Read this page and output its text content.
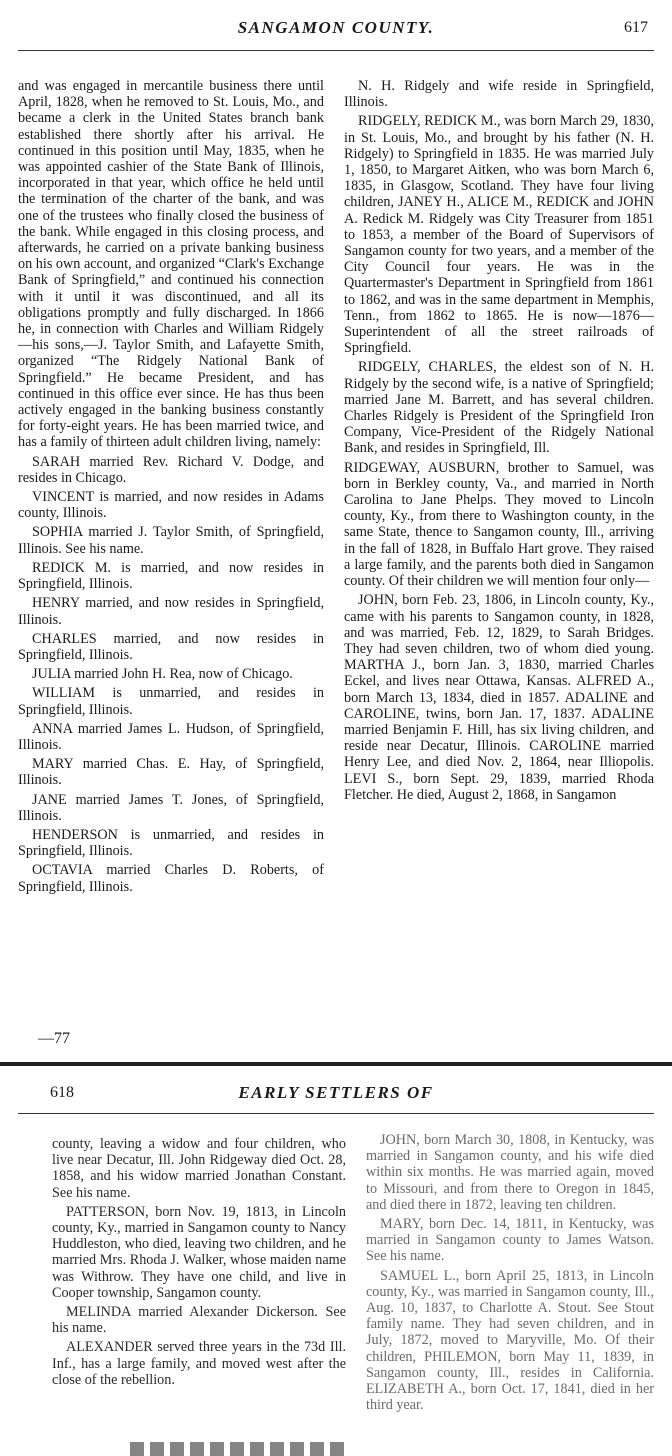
SANGAMON COUNTY.	617

and was engaged in mercantile business there until April, 1828, when he removed to St. Louis, Mo., and became a clerk in the United States branch bank established there shortly after his arrival. He continued in this position until May, 1835, when he was appointed cashier of the State Bank of Illinois, incorporated in that year, which office he held until the termination of the charter of the bank, and was one of the trustees who finally closed the business of the bank. While engaged in this closing process, and afterwards, he carried on a private banking business on his own account, and organized “Clark's Exchange Bank of Springfield,” and continued his connection with it until it was discontinued, and all its obligations promptly and fully discharged. In 1866 he, in connection with Charles and William Ridgely—his sons,—J. Taylor Smith, and Lafayette Smith, organized “The Ridgely National Bank of Springfield.” He became President, and has continued in this office ever since. He has thus been actively engaged in the banking business constantly for forty-eight years. He has been married twice, and has a family of thirteen adult children living, namely:

SARAH married Rev. Richard V. Dodge, and resides in Chicago.

VINCENT is married, and now resides in Adams county, Illinois.

SOPHIA married J. Taylor Smith, of Springfield, Illinois. See his name.

REDICK M. is married, and now resides in Springfield, Illinois.

HENRY married, and now resides in Springfield, Illinois.

CHARLES married, and now resides in Springfield, Illinois.

JULIA married John H. Rea, now of Chicago.

WILLIAM is unmarried, and resides in Springfield, Illinois.

ANNA married James L. Hudson, of Springfield, Illinois.

MARY married Chas. E. Hay, of Springfield, Illinois.

JANE married James T. Jones, of Springfield, Illinois.

HENDERSON is unmarried, and resides in Springfield, Illinois.

OCTAVIA married Charles D. Roberts, of Springfield, Illinois.

N. H. Ridgely and wife reside in Springfield, Illinois.

RIDGELY, REDICK M., was born March 29, 1830, in St. Louis, Mo., and brought by his father (N. H. Ridgely) to Springfield in 1835. He was married July 1, 1850, to Margaret Aitken, who was born March 6, 1835, in Glasgow, Scotland. They have four living children, JANEY H., ALICE M., REDICK and JOHN A. Redick M. Ridgely was City Treasurer from 1851 to 1853, a member of the Board of Supervisors of Sangamon county for two years, and a member of the City Council four years. He was in the Quartermaster's Department in Springfield from 1861 to 1862, and was in the same department in Memphis, Tenn., from 1862 to 1865. He is now—1876—Superintendent of all the street railroads of Springfield.

RIDGELY, CHARLES, the eldest son of N. H. Ridgely by the second wife, is a native of Springfield; married Jane M. Barrett, and has several children. Charles Ridgely is President of the Springfield Iron Company, Vice-President of the Ridgely National Bank, and resides in Springfield, Ill.

RIDGEWAY, AUSBURN, brother to Samuel, was born in Berkley county, Va., and married in North Carolina to Jane Phelps. They moved to Lincoln county, Ky., from there to Washington county, in the same State, thence to Sangamon county, Ill., arriving in the fall of 1828, in Buffalo Hart grove. They raised a large family, and the parents both died in Sangamon county. Of their children we will mention four only—

JOHN, born Feb. 23, 1806, in Lincoln county, Ky., came with his parents to Sangamon county, in 1828, and was married, Feb. 12, 1829, to Sarah Bridges. They had seven children, two of whom died young. MARTHA J., born Jan. 3, 1830, married Charles Eckel, and lives near Ottawa, Kansas. ALFRED A., born March 13, 1834, died in 1857. ADALINE and CAROLINE, twins, born Jan. 17, 1837. ADALINE married Benjamin F. Hill, has six living children, and reside near Decatur, Illinois. CAROLINE married Henry Lee, and died Nov. 2, 1864, near Illiopolis. LEVI S., born Sept. 29, 1839, married Rhoda Fletcher. He died, August 2, 1868, in Sangamon

—77
618	EARLY SETTLERS OF

county, leaving a widow and four children, who live near Decatur, Ill. John Ridgeway died Oct. 28, 1858, and his widow married Jonathan Constant. See his name.

PATTERSON, born Nov. 19, 1813, in Lincoln county, Ky., married in Sangamon county to Nancy Huddleston, who died, leaving two children, and he married Mrs. Rhoda J. Walker, whose maiden name was Withrow. They have one child, and live in Cooper township, Sangamon county.

MELINDA married Alexander Dickerson. See his name.

ALEXANDER served three years in the 73d Ill. Inf., has a large family, and moved west after the close of the rebellion.

JOHN, born March 30, 1808, in Kentucky, was married in Sangamon county, and his wife died within six months. He was married again, moved to Missouri, and from there to Oregon in 1845, and died there in 1872, leaving ten children.

MARY, born Dec. 14, 1811, in Kentucky, was married in Sangamon county to James Watson. See his name.

SAMUEL L., born April 25, 1813, in Lincoln county, Ky., was married in Sangamon county, Ill., Aug. 10, 1837, to Charlotte A. Stout. See Stout family name. They had seven children, and in July, 1872, moved to Maryville, Mo. Of their children, PHILEMON, born May 11, 1839, in Sangamon county, Ill., resides in California. ELIZABETH A., born Oct. 17, 1841, died in her third year.
